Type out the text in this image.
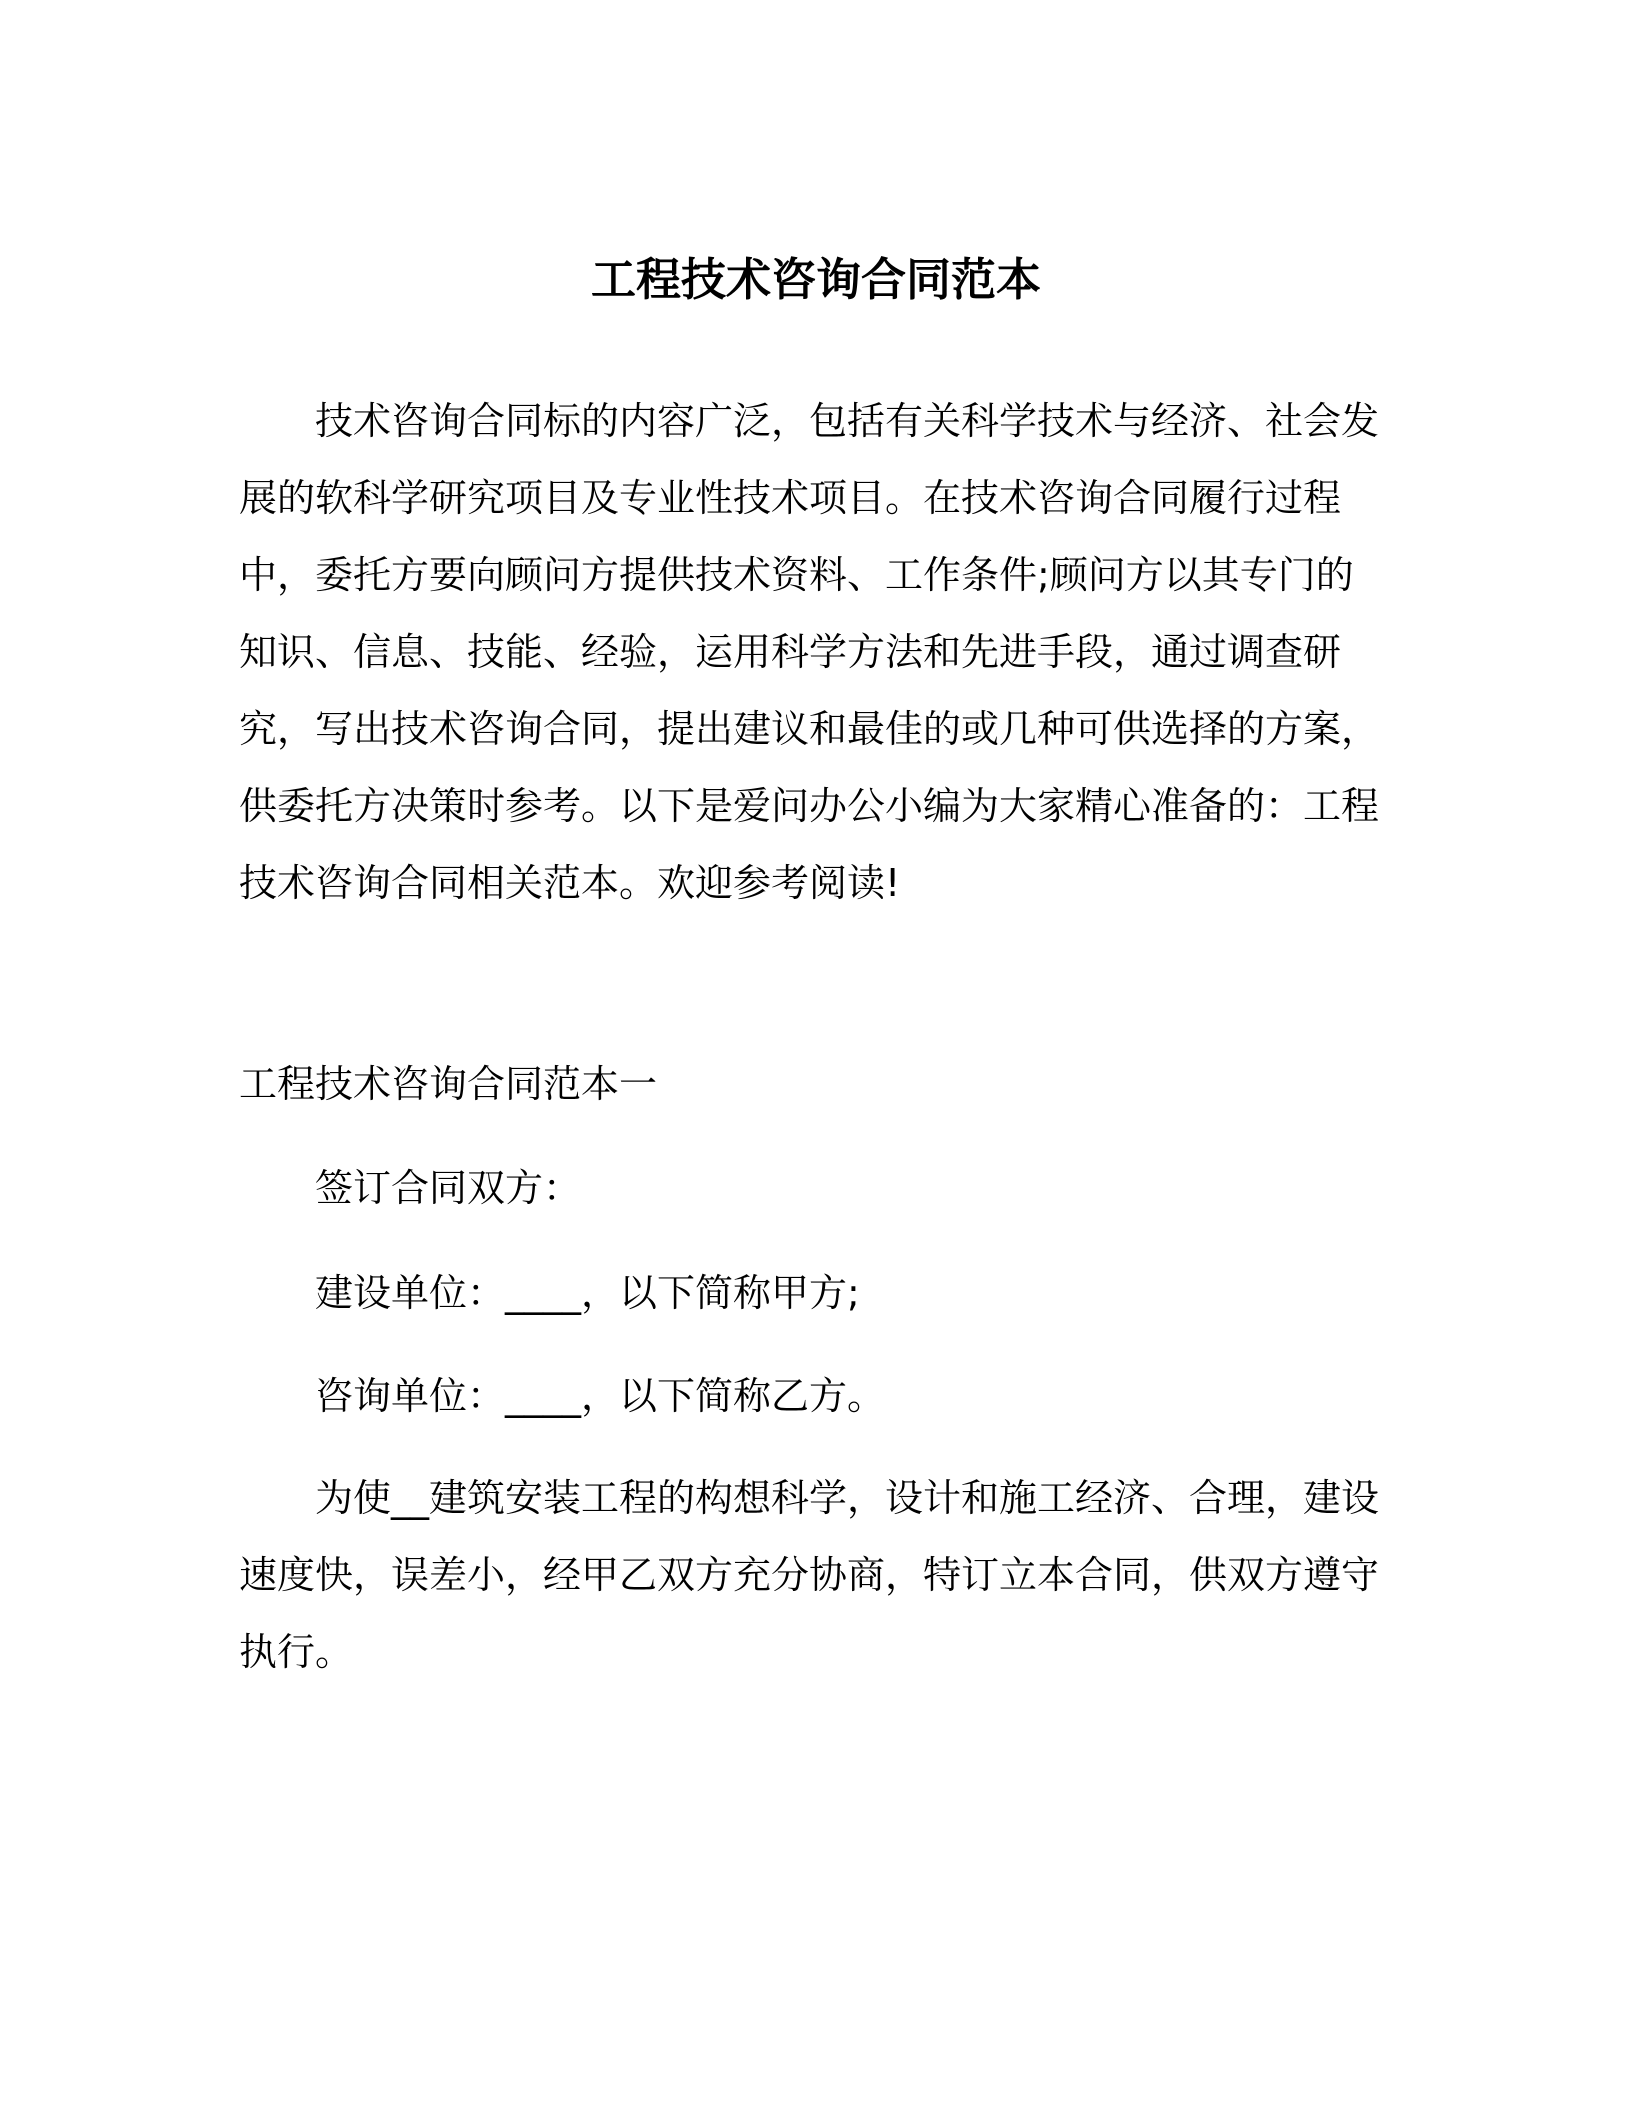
工程技术咨询合同范本

技术咨询合同标的内容广泛，包括有关科学技术与经济、社会发展的软科学研究项目及专业性技术项目。在技术咨询合同履行过程中，委托方要向顾问方提供技术资料、工作条件;顾问方以其专门的知识、信息、技能、经验，运用科学方法和先进手段，通过调查研究，写出技术咨询合同，提出建议和最佳的或几种可供选择的方案，供委托方决策时参考。以下是爱问办公小编为大家精心准备的：工程技术咨询合同相关范本。欢迎参考阅读!

工程技术咨询合同范本一

签订合同双方：

建设单位：____，以下简称甲方;

咨询单位：____，以下简称乙方。

为使__建筑安装工程的构想科学，设计和施工经济、合理，建设速度快，误差小，经甲乙双方充分协商，特订立本合同，供双方遵守执行。
